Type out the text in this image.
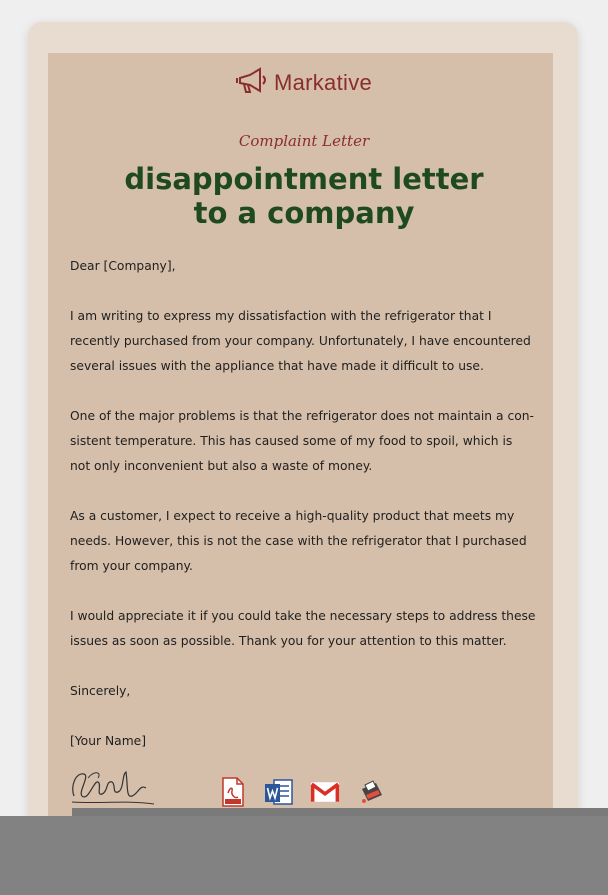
Markative
Complaint Letter
disappointment letter
to a company

Dear [Company],

I am writing to express my dissatisfaction with the refrigerator that I recently purchased from your company. Unfortunately, I have encountered several issues with the appliance that have made it difficult to use.

One of the major problems is that the refrigerator does not maintain a consistent temperature. This has caused some of my food to spoil, which is not only inconvenient but also a waste of money.

As a customer, I expect to receive a high-quality product that meets my needs. However, this is not the case with the refrigerator that I purchased from your company.

I would appreciate it if you could take the necessary steps to address these issues as soon as possible. Thank you for your attention to this matter.

Sincerely,

[Your Name]
